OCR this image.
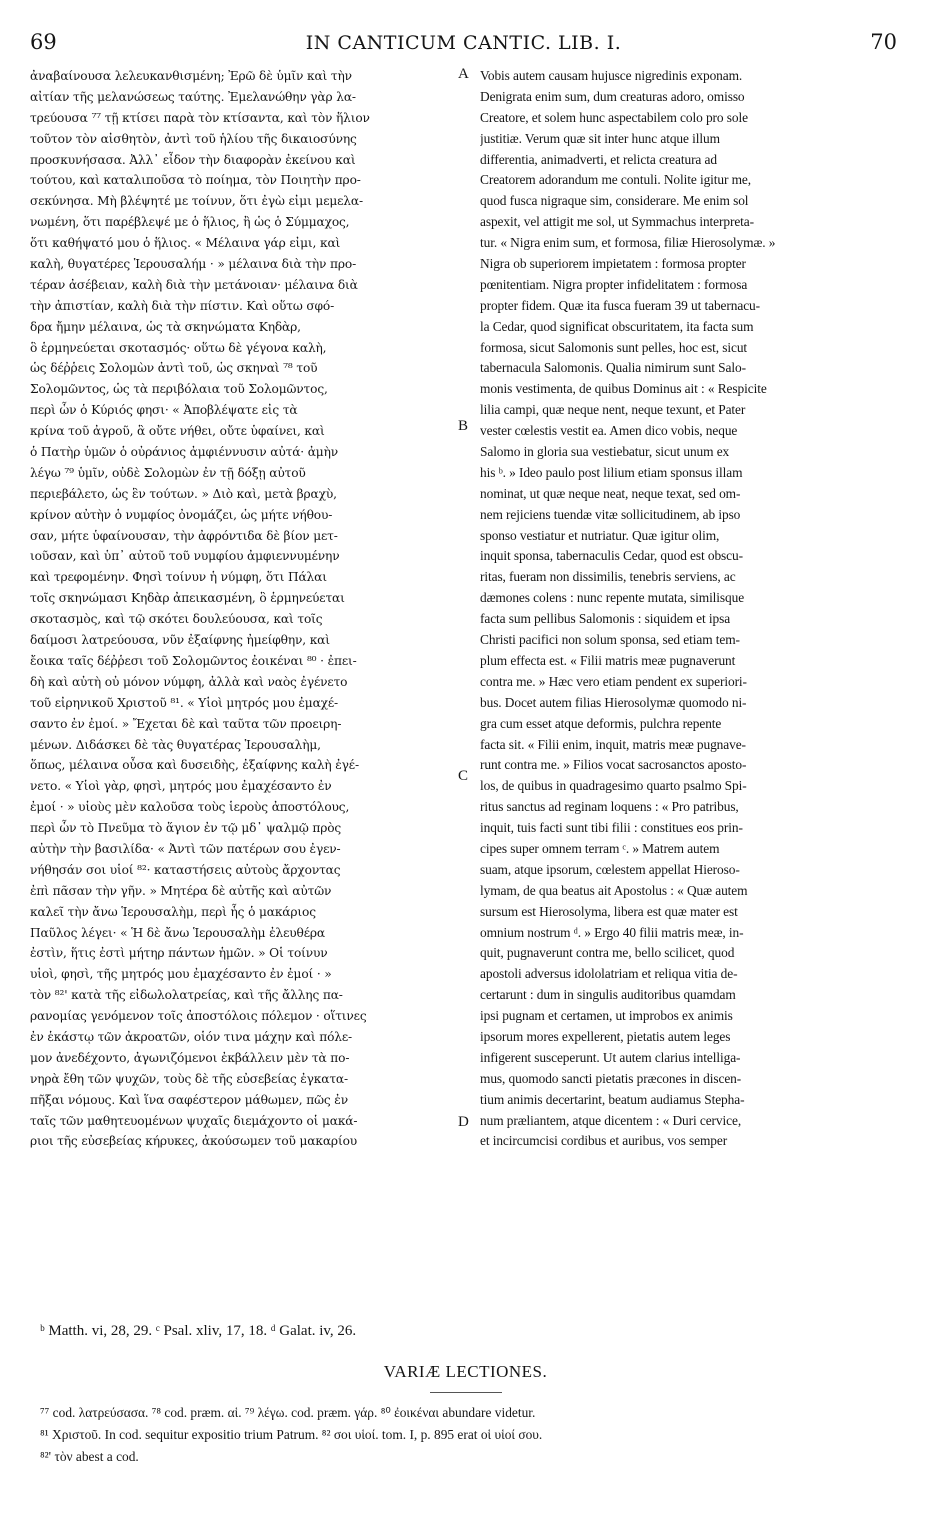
69	IN CANTICUM CANTIC. LIB. I.	70
ἀναβαίνουσα λελευκανθισμένη; Ἐρῶ δὲ ὑμῖν καὶ τὴν
αἰτίαν τῆς μελανώσεως ταύτης. Ἐμελανώθην γὰρ λα-
τρεύουσα ⁷⁷ τῇ κτίσει παρὰ τὸν κτίσαντα, καὶ τὸν ἥλιον
τοῦτον τὸν αἰσθητὸν, ἀντὶ τοῦ ἡλίου τῆς δικαιοσύνης
προσκυνήσασα. Ἀλλ᾿ εἶδον τὴν διαφορὰν ἐκείνου καὶ
τούτου, καὶ καταλιποῦσα τὸ ποίημα, τὸν Ποιητὴν προ-
σεκύνησα. Μὴ βλέψητέ με τοίνυν, ὅτι ἐγὼ εἰμι μεμελα-
νωμένη, ὅτι παρέβλεψέ με ὁ ἥλιος, ἢ ὡς ὁ Σύμμαχος,
ὅτι καθήψατό μου ὁ ἥλιος. « Μέλαινα γάρ εἰμι, καὶ
καλὴ, θυγατέρες Ἱερουσαλήμ · » μέλαινα διὰ τὴν προ-
τέραν ἀσέβειαν, καλὴ διὰ τὴν μετάνοιαν· μέλαινα διὰ
τὴν ἀπιστίαν, καλὴ διὰ τὴν πίστιν. Καὶ οὕτω σφό-
δρα ἤμην μέλαινα, ὡς τὰ σκηνώματα Κηδὰρ,
ὃ ἑρμηνεύεται σκοτασμός· οὕτω δὲ γέγονα καλὴ,
ὡς δέῤῥεις Σολομὼν ἀντὶ τοῦ, ὡς σκηναὶ ⁷⁸ τοῦ
Σολομῶντος, ὡς τὰ περιβόλαια τοῦ Σολομῶντος,
περὶ ὧν ὁ Κύριός φησι· « Ἀποβλέψατε εἰς τὰ
κρίνα τοῦ ἀγροῦ, ἃ οὔτε νήθει, οὔτε ὑφαίνει, καὶ
ὁ Πατὴρ ὑμῶν ὁ οὐράνιος ἀμφιέννυσιν αὐτά· ἀμὴν
λέγω ⁷⁹ ὑμῖν, οὐδὲ Σολομὼν ἐν τῇ δόξῃ αὐτοῦ
περιεβάλετο, ὡς ἓν τούτων. » Διὸ καὶ, μετὰ βραχὺ,
κρίνον αὐτὴν ὁ νυμφίος ὀνομάζει, ὡς μήτε νήθου-
σαν, μήτε ὑφαίνουσαν, τὴν ἀφρόντιδα δὲ βίον μετ-
ιοῦσαν, καὶ ὑπ᾿ αὐτοῦ τοῦ νυμφίου ἀμφιεννυμένην
καὶ τρεφομένην. Φησὶ τοίνυν ἡ νύμφη, ὅτι Πάλαι
τοῖς σκηνώμασι Κηδὰρ ἀπεικασμένη, ὃ ἑρμηνεύεται
σκοτασμὸς, καὶ τῷ σκότει δουλεύουσα, καὶ τοῖς
δαίμοσι λατρεύουσα, νῦν ἐξαίφνης ἠμείφθην, καὶ
ἔοικα ταῖς δέῤῥεσι τοῦ Σολομῶντος ἐοικέναι ⁸⁰ · ἐπει-
δὴ καὶ αὐτὴ οὐ μόνον νύμφη, ἀλλὰ καὶ ναὸς ἐγένετο
τοῦ εἰρηνικοῦ Χριστοῦ ⁸¹. « Υἱοὶ μητρός μου ἐμαχέ-
σαντο ἐν ἐμοί. » Ἔχεται δὲ καὶ ταῦτα τῶν προειρη-
μένων. Διδάσκει δὲ τὰς θυγατέρας Ἱερουσαλὴμ,
ὅπως, μέλαινα οὖσα καὶ δυσειδὴς, ἐξαίφνης καλὴ ἐγέ-
νετο. « Υἱοὶ γὰρ, φησὶ, μητρός μου ἐμαχέσαντο ἐν
ἐμοί · » υἱοὺς μὲν καλοῦσα τοὺς ἱεροὺς ἀποστόλους,
περὶ ὧν τὸ Πνεῦμα τὸ ἅγιον ἐν τῷ μδ᾿ ψαλμῷ πρὸς
αὐτὴν τὴν βασιλίδα· « Ἀντὶ τῶν πατέρων σου ἐγεν-
νήθησάν σοι υἱοί ⁸²· καταστήσεις αὐτοὺς ἄρχοντας
ἐπὶ πᾶσαν τὴν γῆν. » Μητέρα δὲ αὐτῆς καὶ αὐτῶν
καλεῖ τὴν ἄνω Ἱερουσαλὴμ, περὶ ἧς ὁ μακάριος
Παῦλος λέγει· « Ἡ δὲ ἄνω Ἱερουσαλὴμ ἐλευθέρα
ἐστὶν, ἥτις ἐστὶ μήτηρ πάντων ἡμῶν. » Οἱ τοίνυν
υἱοὶ, φησὶ, τῆς μητρός μου ἐμαχέσαντο ἐν ἐμοί · »
τὸν ⁸²' κατὰ τῆς εἰδωλολατρείας, καὶ τῆς ἄλλης πα-
ρανομίας γενόμενον τοῖς ἀποστόλοις πόλεμον · οἵτινες
ἐν ἑκάστῳ τῶν ἀκροατῶν, οἱόν τινα μάχην καὶ πόλε-
μον ἀνεδέχοντο, ἀγωνιζόμενοι ἐκβάλλειν μὲν τὰ πο-
νηρὰ ἔθη τῶν ψυχῶν, τοὺς δὲ τῆς εὐσεβείας ἐγκατα-
πῆξαι νόμους. Καὶ ἵνα σαφέστερον μάθωμεν, πῶς ἐν
ταῖς τῶν μαθητευομένων ψυχαῖς διεμάχοντο οἱ μακά-
ριοι τῆς εὐσεβείας κήρυκες, ἀκούσωμεν τοῦ μακαρίου
A
B
C
D
Vobis autem causam hujusce nigredinis exponam.
Denigrata enim sum, dum creaturas adoro, omisso
Creatore, et solem hunc aspectabilem colo pro sole
justitiæ. Verum quæ sit inter hunc atque illum
differentia, animadverti, et relicta creatura ad
Creatorem adorandum me contuli. Nolite igitur me,
quod fusca nigraque sim, considerare. Me enim sol
aspexit, vel attigit me sol, ut Symmachus interpreta-
tur. « Nigra enim sum, et formosa, filiæ Hierosolymæ. »
Nigra ob superiorem impietatem : formosa propter
pœnitentiam. Nigra propter infidelitatem : formosa
propter fidem. Quæ ita fusca fueram 39 ut tabernacu-
la Cedar, quod significat obscuritatem, ita facta sum
formosa, sicut Salomonis sunt pelles, hoc est, sicut
tabernacula Salomonis. Qualia nimirum sunt Salo-
monis vestimenta, de quibus Dominus ait : « Respicite
lilia campi, quæ neque nent, neque texunt, et Pater
vester cœlestis vestit ea. Amen dico vobis, neque
Salomo in gloria sua vestiebatur, sicut unum ex
his ᵇ. » Ideo paulo post lilium etiam sponsus illam
nominat, ut quæ neque neat, neque texat, sed om-
nem rejiciens tuendæ vitæ sollicitudinem, ab ipso
sponso vestiatur et nutriatur. Quæ igitur olim,
inquit sponsa, tabernaculis Cedar, quod est obscu-
ritas, fueram non dissimilis, tenebris serviens, ac
dæmones colens : nunc repente mutata, similisque
facta sum pellibus Salomonis : siquidem et ipsa
Christi pacifici non solum sponsa, sed etiam tem-
plum effecta est. « Filii matris meæ pugnaverunt
contra me. » Hæc vero etiam pendent ex superiori-
bus. Docet autem filias Hierosolymæ quomodo ni-
gra cum esset atque deformis, pulchra repente
facta sit. « Filii enim, inquit, matris meæ pugnave-
runt contra me. » Filios vocat sacrosanctos aposto-
los, de quibus in quadragesimo quarto psalmo Spi-
ritus sanctus ad reginam loquens : « Pro patribus,
inquit, tuis facti sunt tibi filii : constitues eos prin-
cipes super omnem terram ᶜ. » Matrem autem
suam, atque ipsorum, cœlestem appellat Hieroso-
lymam, de qua beatus ait Apostolus : « Quæ autem
sursum est Hierosolyma, libera est quæ mater est
omnium nostrum ᵈ. » Ergo 40 filii matris meæ, in-
quit, pugnaverunt contra me, bello scilicet, quod
apostoli adversus idololatriam et reliqua vitia de-
certarunt : dum in singulis auditoribus quamdam
ipsi pugnam et certamen, ut improbos ex animis
ipsorum mores expellerent, pietatis autem leges
infigerent susceperunt. Ut autem clarius intelliga-
mus, quomodo sancti pietatis præcones in discen-
tium animis decertarint, beatum audiamus Stepha-
num præliantem, atque dicentem : « Duri cervice,
et incircumcisi cordibus et auribus, vos semper
ᵇ Matth. vi, 28, 29. ᶜ Psal. xliv, 17, 18. ᵈ Galat. iv, 26.
VARIÆ LECTIONES.
⁷⁷ cod. λατρεύσασα. ⁷⁸ cod. præm. αἱ. ⁷⁹ λέγω. cod. præm. γάρ. ⁸⁰ ἐοικέναι abundare videtur.
⁸¹ Χριστοῦ. In cod. sequitur expositio trium Patrum. ⁸² σοι υἱοί. tom. I, p. 895 erat οἱ υἱοί σου.
⁸²' τὸν abest a cod.
